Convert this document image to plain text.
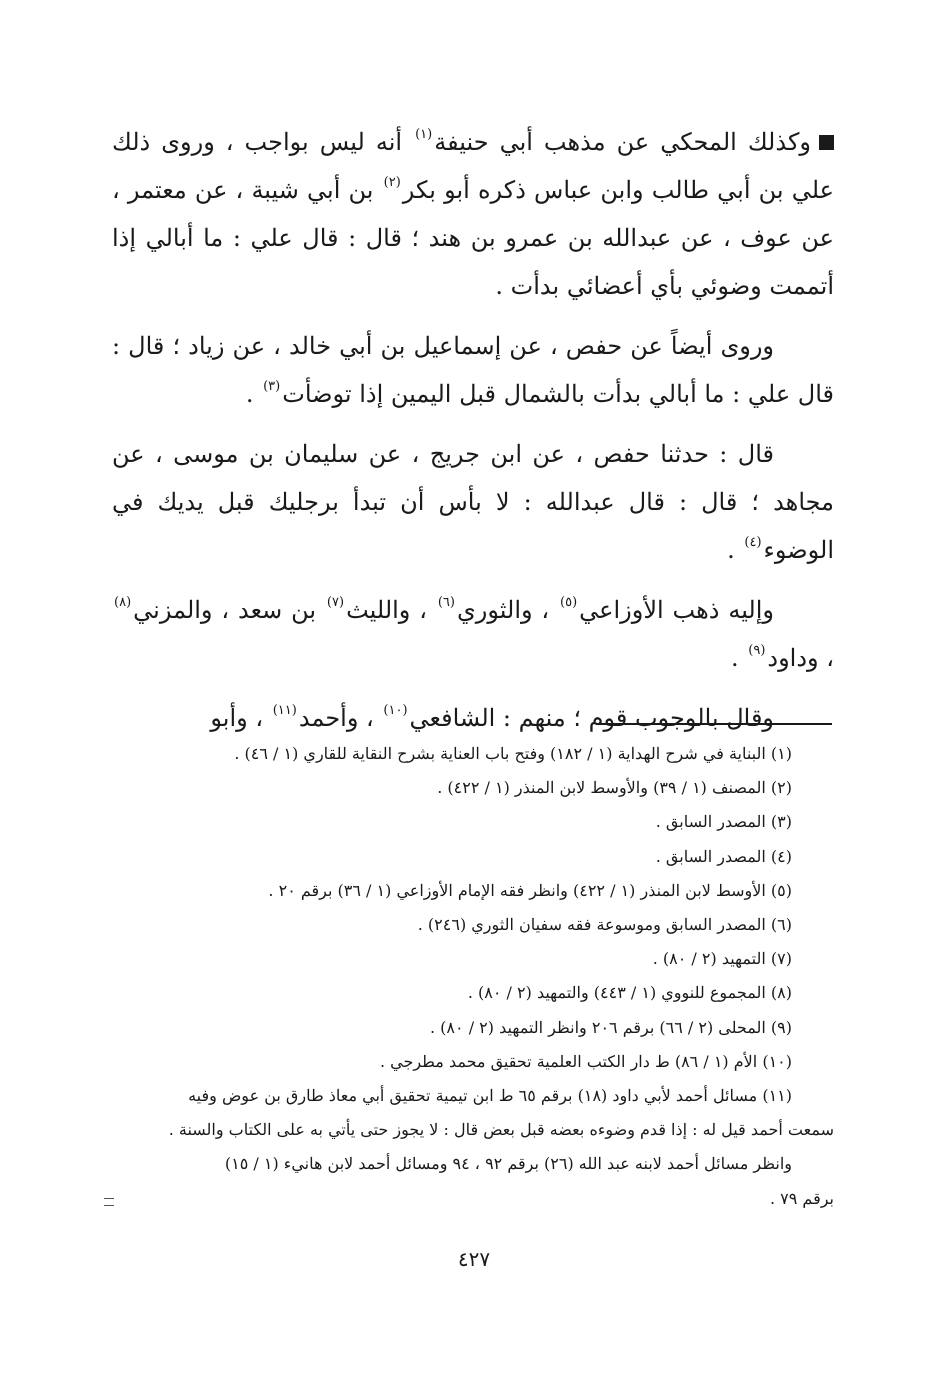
وكذلك المحكي عن مذهب أبي حنيفة$^{(١)}$ أنه ليس بواجب ، وروى ذلك علي بن أبي طالب وابن عباس ذكره أبو بكر$^{(٢)}$ بن أبي شيبة ، عن معتمر ، عن عوف ، عن عبدالله بن عمرو بن هند ؛ قال : قال علي : ما أبالي إذا أتممت وضوئي بأي أعضائي بدأت .

وروى أيضاً عن حفص ، عن إسماعيل بن أبي خالد ، عن زياد ؛ قال : قال علي : ما أبالي بدأت بالشمال قبل اليمين إذا توضأت$^{(٣)}$ .

قال : حدثنا حفص ، عن ابن جريج ، عن سليمان بن موسى ، عن مجاهد ؛ قال : قال عبدالله : لا بأس أن تبدأ برجليك قبل يديك في الوضوء$^{(٤)}$ .

وإليه ذهب الأوزاعي$^{(٥)}$ ، والثوري$^{(٦)}$ ، والليث$^{(٧)}$ بن سعد ، والمزني$^{(٨)}$ ، وداود$^{(٩)}$ .

وقال بالوجوب قوم ؛ منهم : الشافعي$^{(١٠)}$ ، وأحمد$^{(١١)}$ ، وأبو

(١) البناية في شرح الهداية (١ / ١٨٢) وفتح باب العناية بشرح النقاية للقاري (١ / ٤٦) .

(٢) المصنف (١ / ٣٩) والأوسط لابن المنذر (١ / ٤٢٢) .

(٣) المصدر السابق .

(٤) المصدر السابق .

(٥) الأوسط لابن المنذر (١ / ٤٢٢) وانظر فقه الإمام الأوزاعي (١ / ٣٦) برقم ٢٠ .

(٦) المصدر السابق وموسوعة فقه سفيان الثوري (٢٤٦) .

(٧) التمهيد (٢ / ٨٠) .

(٨) المجموع للنووي (١ / ٤٤٣) والتمهيد (٢ / ٨٠) .

(٩) المحلى (٢ / ٦٦) برقم ٢٠٦ وانظر التمهيد (٢ / ٨٠) .

(١٠) الأم (١ / ٨٦) ط دار الكتب العلمية تحقيق محمد مطرجي .

(١١) مسائل أحمد لأبي داود (١٨) برقم ٦٥ ط ابن تيمية تحقيق أبي معاذ طارق بن عوض وفيه

سمعت أحمد قيل له : إذا قدم وضوءه بعضه قبل بعض قال : لا يجوز حتى يأتي به على الكتاب والسنة .

وانظر مسائل أحمد لابنه عبد الله (٢٦) برقم ٩٢ ، ٩٤ ومسائل أحمد لابن هانيء (١ / ١٥)

برقم ٧٩ .

٤٢٧
